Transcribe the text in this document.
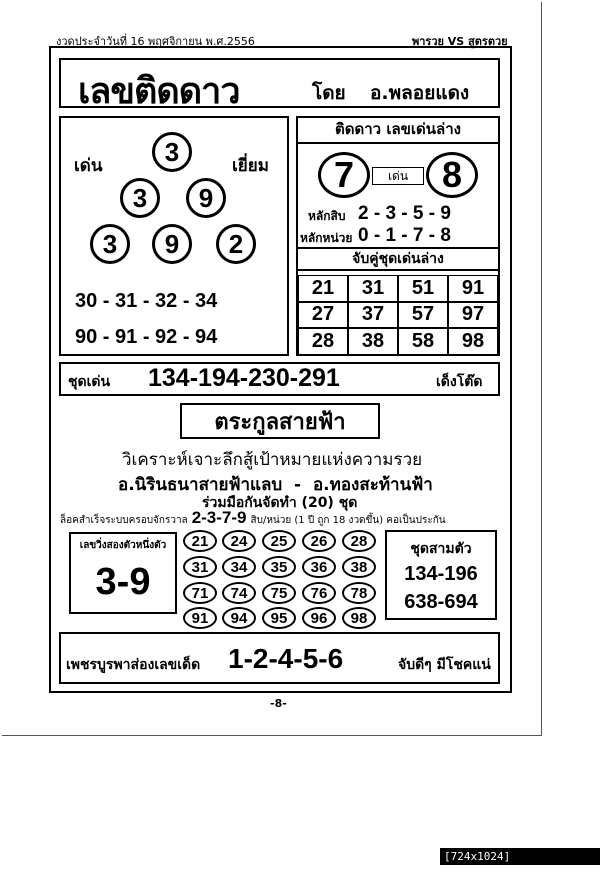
งวดประจำวันที่ 16 พฤศจิกายน พ.ศ.2556	พารวย VS สูตรตวย
เลขติดดาว	โดย อ.พลอยแดง
เด่น	เยี่ยม
3
3	9
3	9	2
30 - 31 - 32 - 34
90 - 91 - 92 - 94
ติดดาว เลขเด่นล่าง
7	เด่น 8
หลักสิบ 2 - 3 - 5 - 9
หลักหน่วย 0 - 1 - 7 - 8
จับคู่ชุดเด่นล่าง
21	31	51	91
27	37	57	97
28	38	58	98
ชุดเด่น 134-194-230-291	เด็งโต๊ด
ตระกูลสายฟ้า
วิเคราะห์เจาะลึกสู้เป้าหมายแห่งความรวย
อ.นิรินธนาสายฟ้าแลบ  -  อ.ทองสะท้านฟ้า
ร่วมมือกันจัดทำ (20) ชุด
ล็อคสำเร็จระบบครอบจักรวาล 2-3-7-9 สิบ/หน่วย (1 ปี ถูก 18 งวดขึ้น) คอเป็นประกัน
เลขวิ่งสองตัวหนึ่งตัว
3-9
21	24	25	26	28
31	34	35	36	38
71	74	75	76	78
91	94	95	96	98
ชุดสามตัว
134-196
638-694
เพชรบูรพาส่องเลขเด็ด 1-2-4-5-6	จับดีๆ มีโชคแน่
-8-
[724x1024] https://upic.me/
